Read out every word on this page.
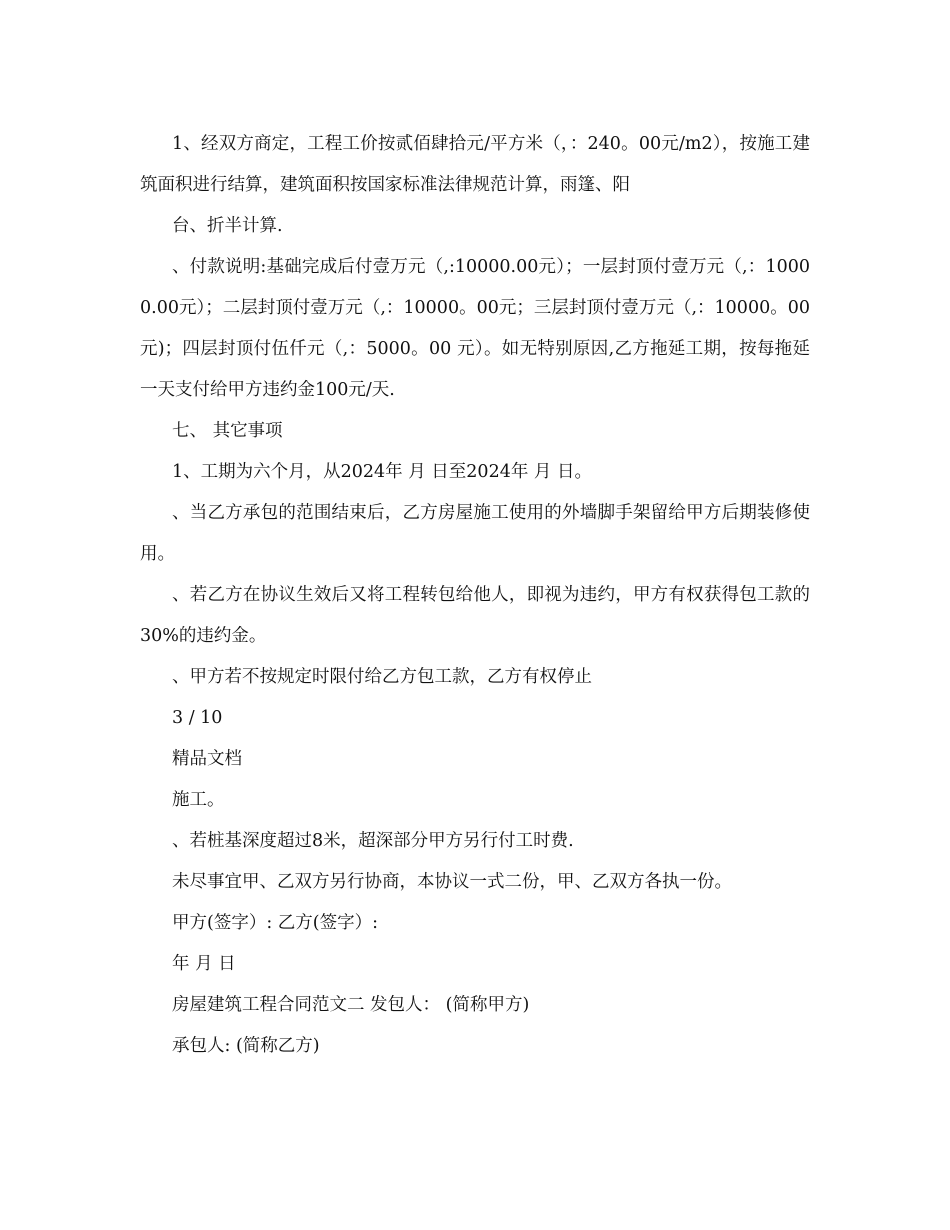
1、经双方商定，工程工价按贰佰肆拾元/平方米（，：240。00元/m2），按施工建筑面积进行结算，建筑面积按国家标准法律规范计算，雨篷、阳

台、折半计算.

、付款说明:基础完成后付壹万元（,:10000.00元）；一层封顶付壹万元（,：10000.00元）；二层封顶付壹万元（,：10000。00元；三层封顶付壹万元（,：10000。00元)；四层封顶付伍仟元（,：5000。00 元）。如无特别原因,乙方拖延工期，按每拖延一天支付给甲方违约金100元/天.

七、 其它事项
1、工期为六个月，从2024年 月 日至2024年 月 日。

、当乙方承包的范围结束后，乙方房屋施工使用的外墙脚手架留给甲方后期装修使用。

、若乙方在协议生效后又将工程转包给他人，即视为违约，甲方有权获得包工款的30%的违约金。

、甲方若不按规定时限付给乙方包工款，乙方有权停止
3 / 10
精品文档
施工。
、若桩基深度超过8米，超深部分甲方另行付工时费.
未尽事宜甲、乙双方另行协商，本协议一式二份，甲、乙双方各执一份。
甲方(签字）: 乙方(签字）:
年 月 日
房屋建筑工程合同范文二 发包人： (简称甲方)
承包人: (简称乙方)
